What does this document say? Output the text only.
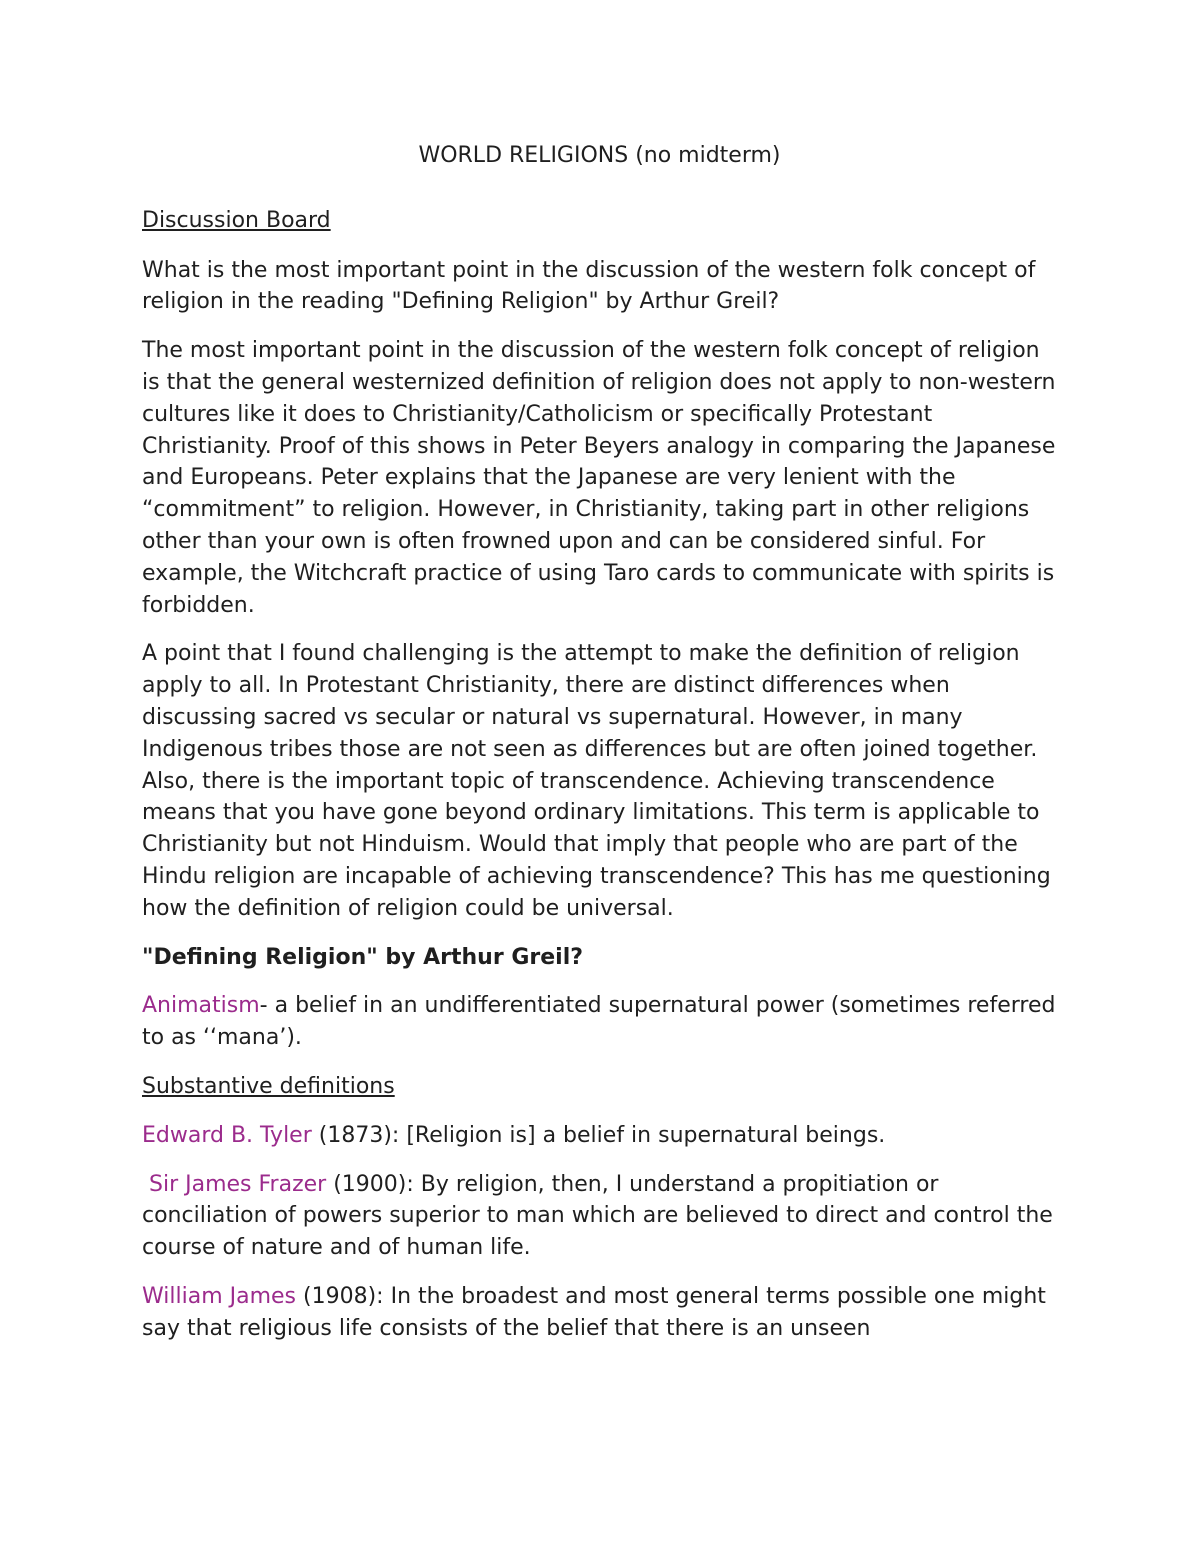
WORLD RELIGIONS (no midterm)
Discussion Board
What is the most important point in the discussion of the western folk concept of religion in the reading "Defining Religion" by Arthur Greil?
The most important point in the discussion of the western folk concept of religion is that the general westernized definition of religion does not apply to non-western cultures like it does to Christianity/Catholicism or specifically Protestant Christianity. Proof of this shows in Peter Beyers analogy in comparing the Japanese and Europeans. Peter explains that the Japanese are very lenient with the “commitment” to religion. However, in Christianity, taking part in other religions other than your own is often frowned upon and can be considered sinful. For example, the Witchcraft practice of using Taro cards to communicate with spirits is forbidden.
A point that I found challenging is the attempt to make the definition of religion apply to all. In Protestant Christianity, there are distinct differences when discussing sacred vs secular or natural vs supernatural. However, in many Indigenous tribes those are not seen as differences but are often joined together. Also, there is the important topic of transcendence. Achieving transcendence means that you have gone beyond ordinary limitations. This term is applicable to Christianity but not Hinduism. Would that imply that people who are part of the Hindu religion are incapable of achieving transcendence? This has me questioning how the definition of religion could be universal.
"Defining Religion" by Arthur Greil?
Animatism- a belief in an undifferentiated supernatural power (sometimes referred to as ‘‘mana’).
Substantive definitions
Edward B. Tyler (1873): [Religion is] a belief in supernatural beings.
Sir James Frazer (1900): By religion, then, I understand a propitiation or conciliation of powers superior to man which are believed to direct and control the course of nature and of human life.
William James (1908): In the broadest and most general terms possible one might say that religious life consists of the belief that there is an unseen
